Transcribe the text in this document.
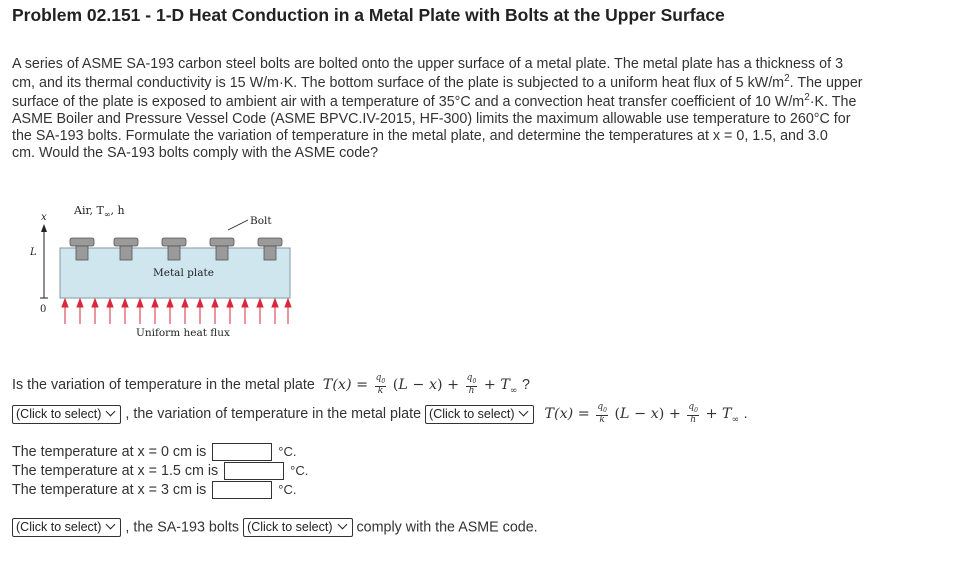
Problem 02.151 - 1-D Heat Conduction in a Metal Plate with Bolts at the Upper Surface
A series of ASME SA-193 carbon steel bolts are bolted onto the upper surface of a metal plate. The metal plate has a thickness of 3
cm, and its thermal conductivity is 15 W/m·K. The bottom surface of the plate is subjected to a uniform heat flux of 5 $kW/m^2$. The upper
surface of the plate is exposed to ambient air with a temperature of 35°C and a convection heat transfer coefficient of 10 $W/m^2\cdot K$. The
ASME Boiler and Pressure Vessel Code (ASME BPVC.IV-2015, HF-300) limits the maximum allowable use temperature to 260°C for
the SA-193 bolts. Formulate the variation of temperature in the metal plate, and determine the temperatures at x = 0, 1.5, and 3.0
cm. Would the SA-193 bolts comply with the ASME code?
Air, $T_\infty$, h
x
L
0
Metal plate
Bolt
Uniform heat flux
Is the variation of temperature in the metal plate $T(x) = \frac{q_0}{k} (L - x) + \frac{q_0}{h} + T_\infty$ ?
(Click to select) , the variation of temperature in the metal plate (Click to select) $T(x) = \frac{q_0}{k} (L - x) + \frac{q_0}{h} + T_\infty$ .
The temperature at x = 0 cm is	°C.
The temperature at x = 1.5 cm is	°C.
The temperature at x = 3 cm is	°C.
(Click to select) , the SA-193 bolts (Click to select) comply with the ASME code.
